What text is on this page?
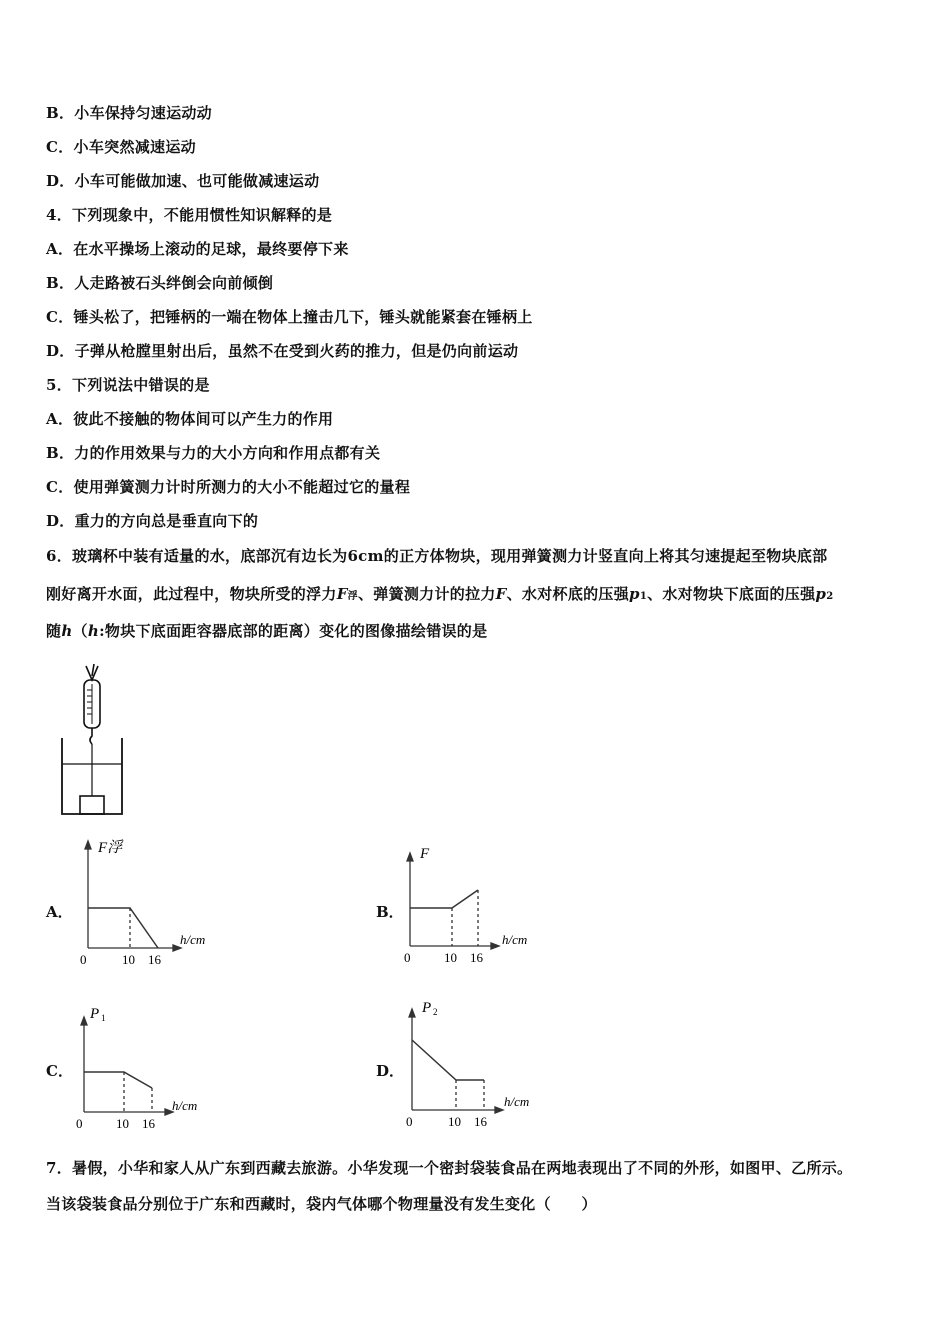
B．小车保持匀速运动动
C．小车突然减速运动
D．小车可能做加速、也可能做减速运动
4．下列现象中，不能用惯性知识解释的是
A．在水平操场上滚动的足球，最终要停下来
B．人走路被石头绊倒会向前倾倒
C．锤头松了，把锤柄的一端在物体上撞击几下，锤头就能紧套在锤柄上
D．子弹从枪膛里射出后，虽然不在受到火药的推力，但是仍向前运动
5．下列说法中错误的是
A．彼此不接触的物体间可以产生力的作用
B．力的作用效果与力的大小方向和作用点都有关
C．使用弹簧测力计时所测力的大小不能超过它的量程
D．重力的方向总是垂直向下的
6．玻璃杯中装有适量的水，底部沉有边长为6cm的正方体物块，现用弹簧测力计竖直向上将其匀速提起至物块底部
刚好离开水面，此过程中，物块所受的浮力F浮、弹簧测力计的拉力F、水对杯底的压强p1、水对物块下底面的压强p2
随h（h:物块下底面距容器底部的距离）变化的图像描绘错误的是
A．	B．
C．	D．
F浮
h/cm
0	10 16
F
h/cm
0	10 16
P 1
h/cm
0	10 16
P 2
h/cm
0	10 16
7．暑假，小华和家人从广东到西藏去旅游。小华发现一个密封袋装食品在两地表现出了不同的外形，如图甲、乙所示。
当该袋装食品分别位于广东和西藏时，袋内气体哪个物理量没有发生变化（　　）
